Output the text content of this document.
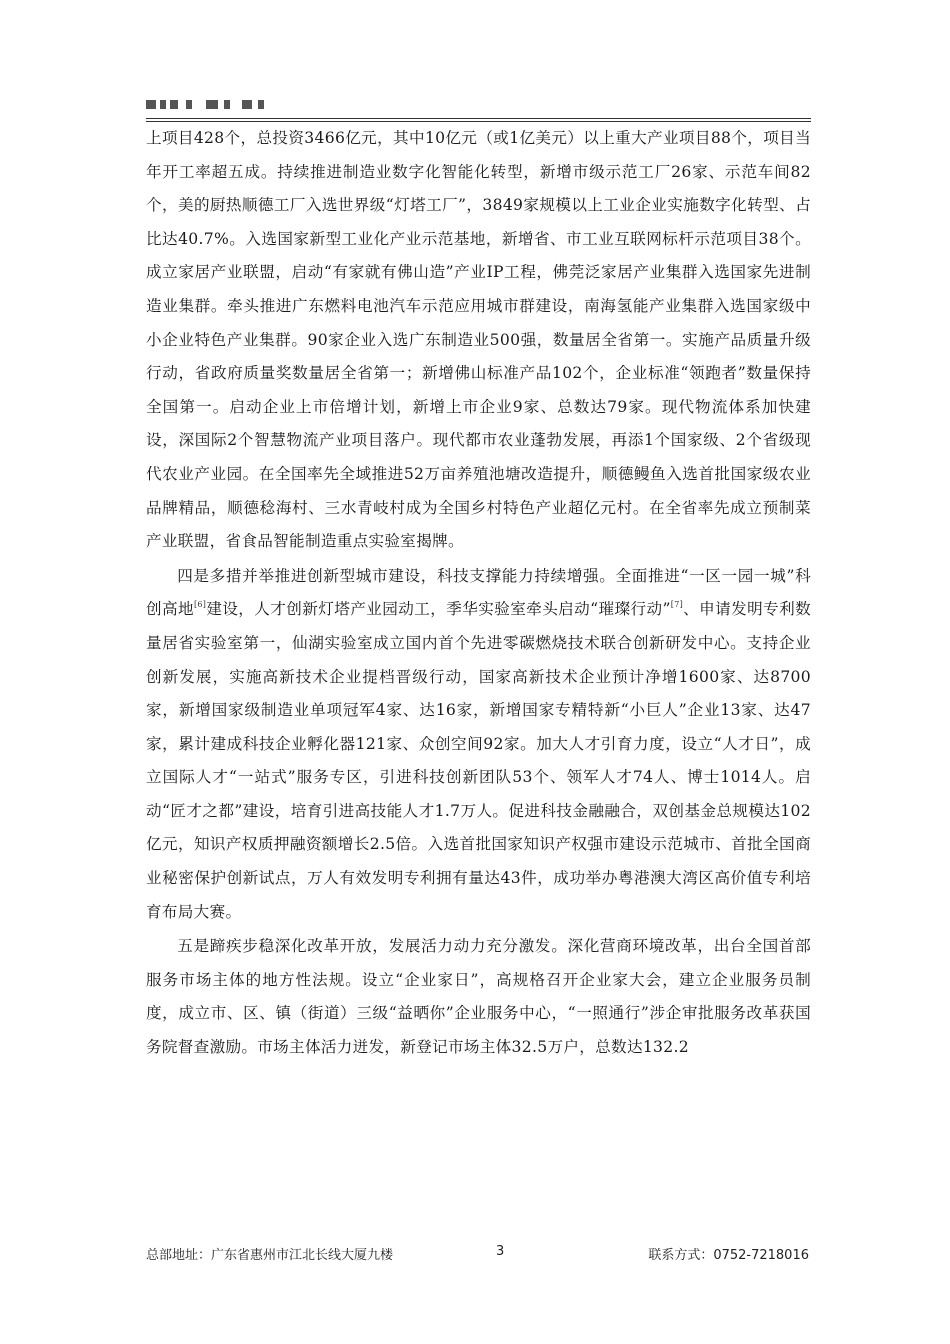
上项目428个，总投资3466亿元，其中10亿元（或1亿美元）以上重大产业项目88个，项目当年开工率超五成。持续推进制造业数字化智能化转型，新增市级示范工厂26家、示范车间82个，美的厨热顺德工厂入选世界级“灯塔工厂”，3849家规模以上工业企业实施数字化转型、占比达40.7%。入选国家新型工业化产业示范基地，新增省、市工业互联网标杆示范项目38个。成立家居产业联盟，启动“有家就有佛山造”产业IP工程，佛莞泛家居产业集群入选国家先进制造业集群。牵头推进广东燃料电池汽车示范应用城市群建设，南海氢能产业集群入选国家级中小企业特色产业集群。90家企业入选广东制造业500强，数量居全省第一。实施产品质量升级行动，省政府质量奖数量居全省第一；新增佛山标准产品102个，企业标准“领跑者”数量保持全国第一。启动企业上市倍增计划，新增上市企业9家、总数达79家。现代物流体系加快建设，深国际2个智慧物流产业项目落户。现代都市农业蓬勃发展，再添1个国家级、2个省级现代农业产业园。在全国率先全域推进52万亩养殖池塘改造提升，顺德鳗鱼入选首批国家级农业品牌精品，顺德稔海村、三水青岐村成为全国乡村特色产业超亿元村。在全省率先成立预制菜产业联盟，省食品智能制造重点实验室揭牌。

四是多措并举推进创新型城市建设，科技支撑能力持续增强。全面推进“一区一园一城”科创高地[6]建设，人才创新灯塔产业园动工，季华实验室牵头启动“璀璨行动”[7]、申请发明专利数量居省实验室第一，仙湖实验室成立国内首个先进零碳燃烧技术联合创新研发中心。支持企业创新发展，实施高新技术企业提档晋级行动，国家高新技术企业预计净增1600家、达8700家，新增国家级制造业单项冠军4家、达16家，新增国家专精特新“小巨人”企业13家、达47家，累计建成科技企业孵化器121家、众创空间92家。加大人才引育力度，设立“人才日”，成立国际人才“一站式”服务专区，引进科技创新团队53个、领军人才74人、博士1014人。启动“匠才之都”建设，培育引进高技能人才1.7万人。促进科技金融融合，双创基金总规模达102亿元，知识产权质押融资额增长2.5倍。入选首批国家知识产权强市建设示范城市、首批全国商业秘密保护创新试点，万人有效发明专利拥有量达43件，成功举办粤港澳大湾区高价值专利培育布局大赛。

五是蹄疾步稳深化改革开放，发展活力动力充分激发。深化营商环境改革，出台全国首部服务市场主体的地方性法规。设立“企业家日”，高规格召开企业家大会，建立企业服务员制度，成立市、区、镇（街道）三级“益晒你”企业服务中心，“一照通行”涉企审批服务改革获国务院督查激励。市场主体活力迸发，新登记市场主体32.5万户，总数达132.2

总部地址：广东省惠州市江北长线大厦九楼	3	联系方式：0752-7218016
